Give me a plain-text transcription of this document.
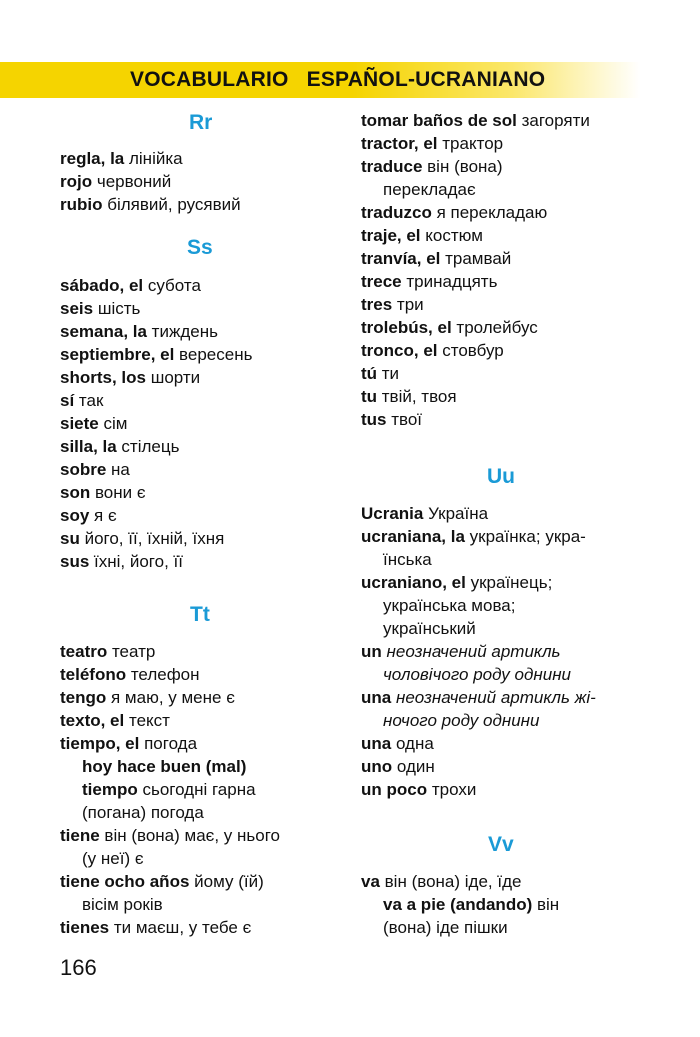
VOCABULARIO   ESPAÑOL-UCRANIANO
Rr
regla, la лінійка
rojo червоний
rubio білявий, русявий
Ss
sábado, el субота
seis шість
semana, la тиждень
septiembre, el вересень
shorts, los шорти
sí так
siete сім
silla, la стілець
sobre на
son вони є
soy я є
su його, її, їхній, їхня
sus їхні, його, її
Tt
teatro театр
teléfono телефон
tengo я маю, у мене є
texto, el текст
tiempo, el погода
hoy hace buen (mal)
tiempo сьогодні гарна
(погана) погода
tiene він (вона) має, у нього
(у неї) є
tiene ocho años йому (їй)
вісім років
tienes ти маєш, у тебе є
tomar baños de sol загоряти
tractor, el трактор
traduce він (вона)
перекладає
traduzco я перекладаю
traje, el костюм
tranvía, el трамвай
trece тринадцять
tres три
trolebús, el тролейбус
tronco, el стовбур
tú ти
tu твій, твоя
tus твої
Uu
Ucrania Україна
ucraniana, la українка; укра-
їнська
ucraniano, el українець;
українська мова;
український
un неозначений артикль
чоловічого роду однини
una неозначений артикль жі-
ночого роду однини
una одна
uno один
un poco трохи
Vv
va він (вона) іде, їде
va a pie (andando) він
(вона) іде пішки
166
